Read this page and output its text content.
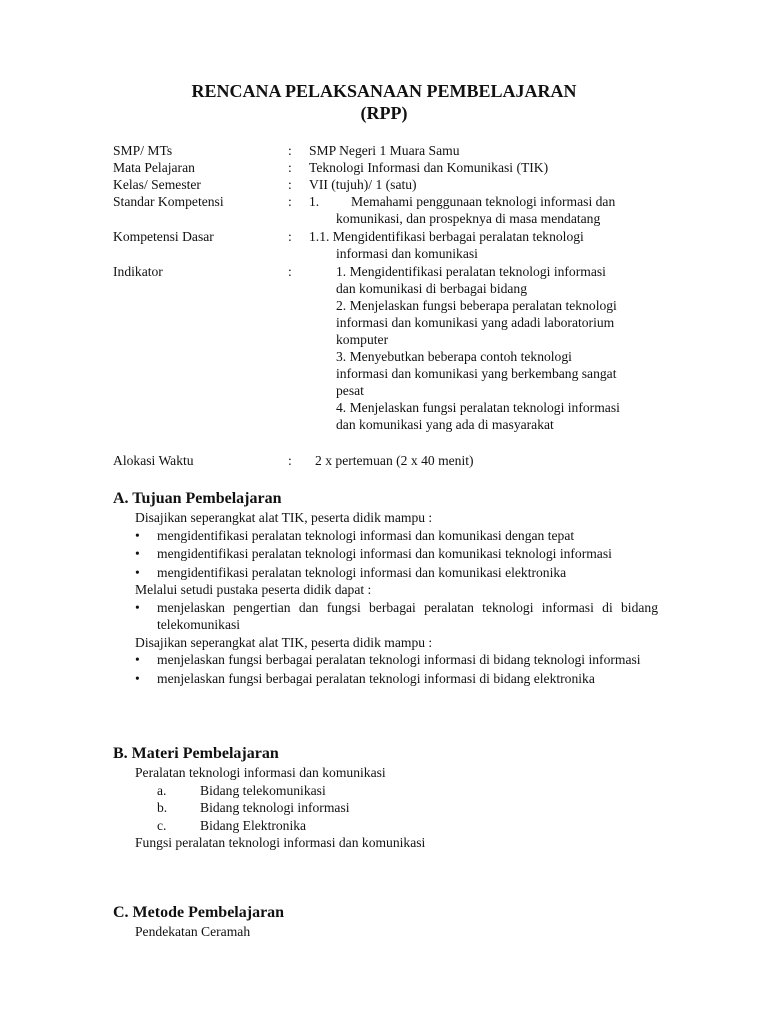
RENCANA PELAKSANAAN PEMBELAJARAN
(RPP)
SMP/ MTs	:	SMP Negeri 1 Muara Samu
Mata Pelajaran	:	Teknologi Informasi dan Komunikasi (TIK)
Kelas/ Semester	:	VII (tujuh)/ 1 (satu)
Standar Kompetensi	:	1. Memahami penggunaan teknologi informasi dan
komunikasi, dan prospeknya di masa mendatang
Kompetensi Dasar	:	1.1. Mengidentifikasi berbagai peralatan teknologi
informasi dan komunikasi
Indikator	:	1. Mengidentifikasi peralatan teknologi informasi
dan komunikasi di berbagai bidang
2. Menjelaskan fungsi beberapa peralatan teknologi
informasi dan komunikasi yang adadi laboratorium
komputer
3. Menyebutkan beberapa contoh teknologi
informasi dan komunikasi yang berkembang sangat
pesat
4. Menjelaskan fungsi peralatan teknologi informasi
dan komunikasi yang ada di masyarakat
Alokasi Waktu	:	2 x pertemuan (2 x 40 menit)
A. Tujuan Pembelajaran
Disajikan seperangkat alat TIK, peserta didik mampu :
• mengidentifikasi peralatan teknologi informasi dan komunikasi dengan tepat
• mengidentifikasi peralatan teknologi informasi dan komunikasi teknologi informasi
• mengidentifikasi peralatan teknologi informasi dan komunikasi elektronika
Melalui setudi pustaka peserta didik dapat :
• menjelaskan pengertian dan fungsi berbagai peralatan teknologi informasi di bidang telekomunikasi
Disajikan seperangkat alat TIK, peserta didik mampu :
• menjelaskan fungsi berbagai peralatan teknologi informasi di bidang teknologi informasi
• menjelaskan fungsi berbagai peralatan teknologi informasi di bidang elektronika
B. Materi Pembelajaran
Peralatan teknologi informasi dan komunikasi
a.	Bidang telekomunikasi
b.	Bidang teknologi informasi
c.	Bidang Elektronika
Fungsi peralatan teknologi informasi dan komunikasi
C. Metode Pembelajaran
Pendekatan Ceramah
